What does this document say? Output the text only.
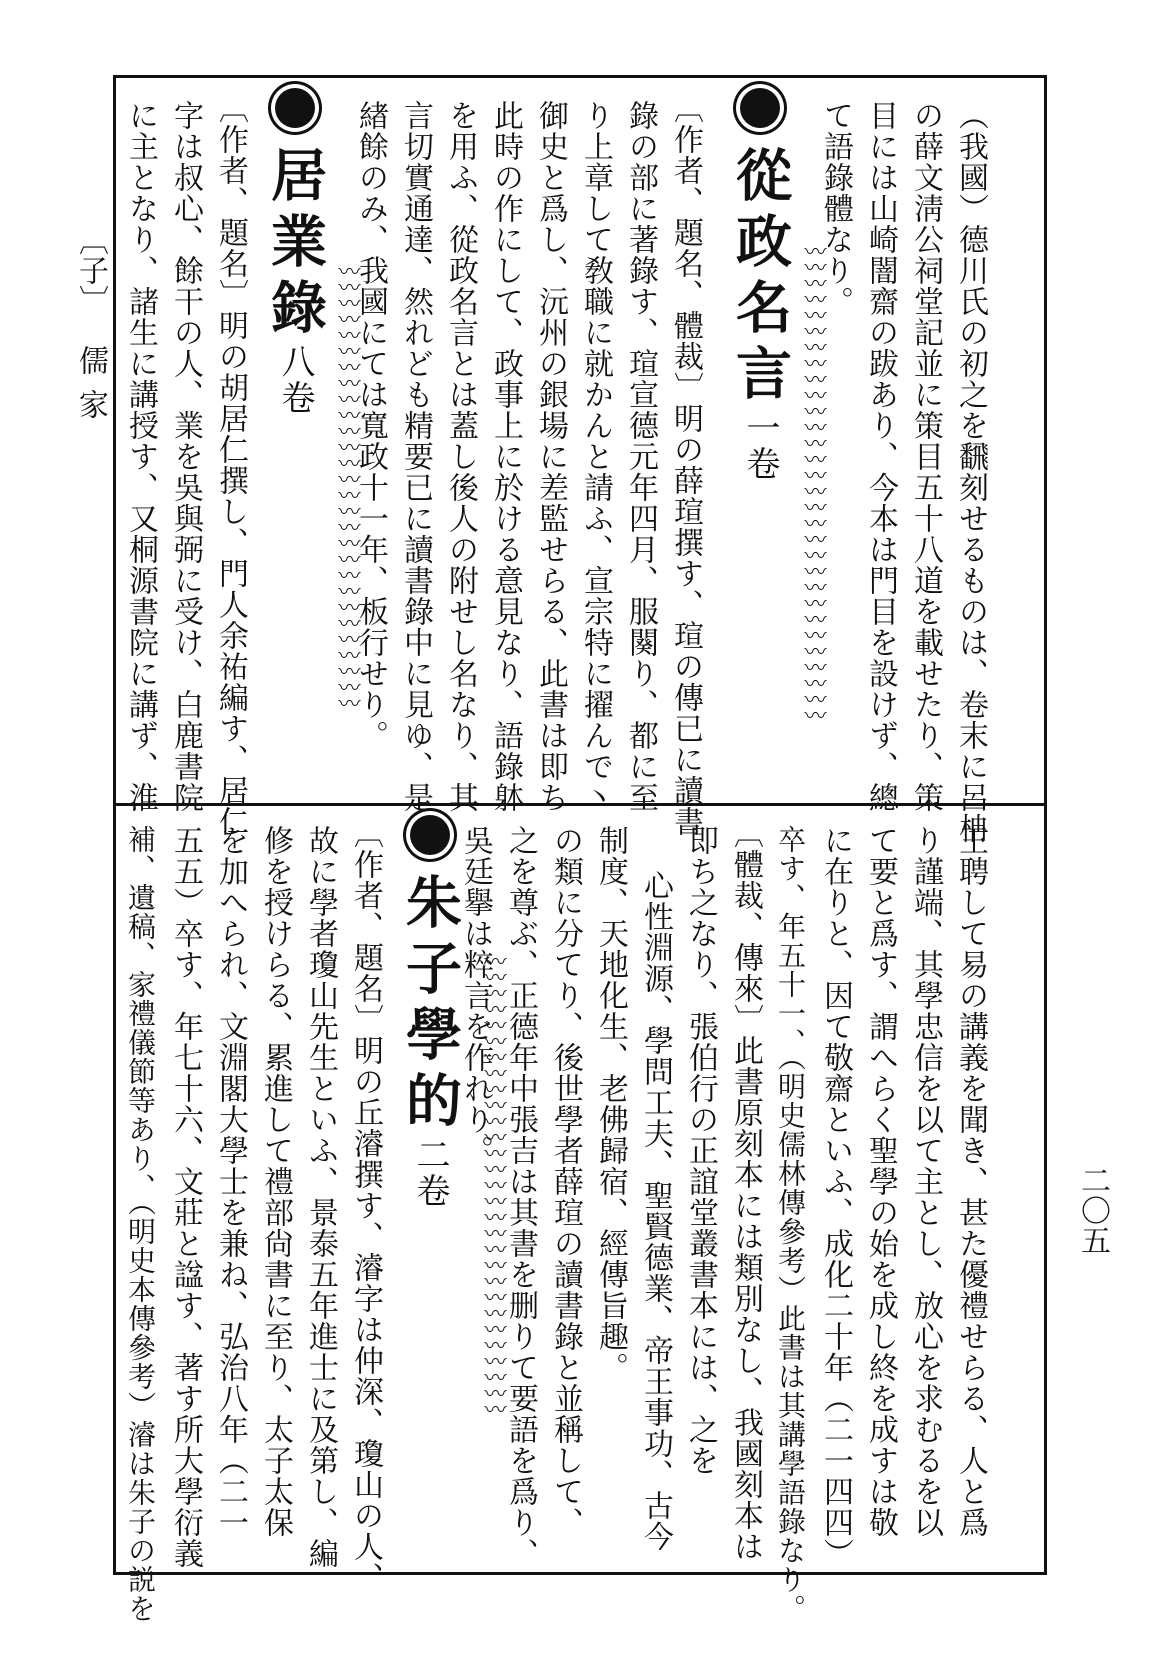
〔子〕
儒家
二〇五
（我國）德川氏の初之を飜刻せるものは、卷末に呂柟
の薛文淸公祠堂記並に策目五十八道を載せたり、策
目には山崎闇齋の跋あり、今本は門目を設けず、總
て語錄體なり。
〰〰〰〰〰〰〰〰〰〰〰〰〰〰〰〰〰〰〰〰〰〰〰〰〰〰〰〰〰〰
從政名言一卷
〔作者、題名、體裁〕明の薛瑄撰す、瑄の傳已に讀書
錄の部に著錄す、瑄宣德元年四月、服闋り、都に至
り上章して敎職に就かんと請ふ、宣宗特に擢んで丶
御史と爲し、沅州の銀場に差監せらる、此書は即ち
此時の作にして、政事上に於ける意見なり、語錄躰
を用ふ、從政名言とは蓋し後人の附せし名なり、其
言切實通達、然れども精要已に讀書錄中に見ゆ、是
緖餘のみ、我國にては寬政十一年、板行せり。
〰〰〰〰〰〰〰〰〰〰〰〰〰〰〰〰〰〰〰〰〰〰〰〰〰〰〰〰
居業錄八卷
〔作者、題名〕明の胡居仁撰し、門人余祐編す、居仁
字は叔心、餘干の人、業を吳與弼に受け、白鹿書院
に主となり、諸生に講授す、又桐源書院に講ず、淮
王聘して易の講義を聞き、甚た優禮せらる、人と爲
り謹端、其學忠信を以て主とし、放心を求むるを以
て要と爲す、謂へらく聖學の始を成し終を成すは敬
に在りと、因て敬齋といふ、成化二十年（二一四四）
卒す、年五十一、（明史儒林傳參考）此書は其講學語錄なり。
〔體裁、傳來〕此書原刻本には類別なし、我國刻本は
即ち之なり、張伯行の正誼堂叢書本には、之を
心性淵源、學問工夫、聖賢德業、帝王事功、古今
制度、天地化生、老佛歸宿、經傳旨趣。
の類に分てり、後世學者薛瑄の讀書錄と並稱して、
之を尊ぶ、正德年中張吉は其書を删りて要語を爲り、
吳廷擧は粹言を作れり。
〰〰〰〰〰〰〰〰〰〰〰〰〰〰〰〰〰〰〰〰〰〰〰〰〰〰〰〰〰
朱子學的二卷
〔作者、題名〕明の丘濬撰す、濬字は仲深、瓊山の人、
故に學者瓊山先生といふ、景泰五年進士に及第し、編
修を授けらる、累進して禮部尙書に至り、太子太保
を加へられ、文淵閣大學士を兼ね、弘治八年（二一
五五）卒す、年七十六、文莊と諡す、著す所大學衍義
補、遺稿、家禮儀節等あり、（明史本傳參考）濬は朱子の説を
